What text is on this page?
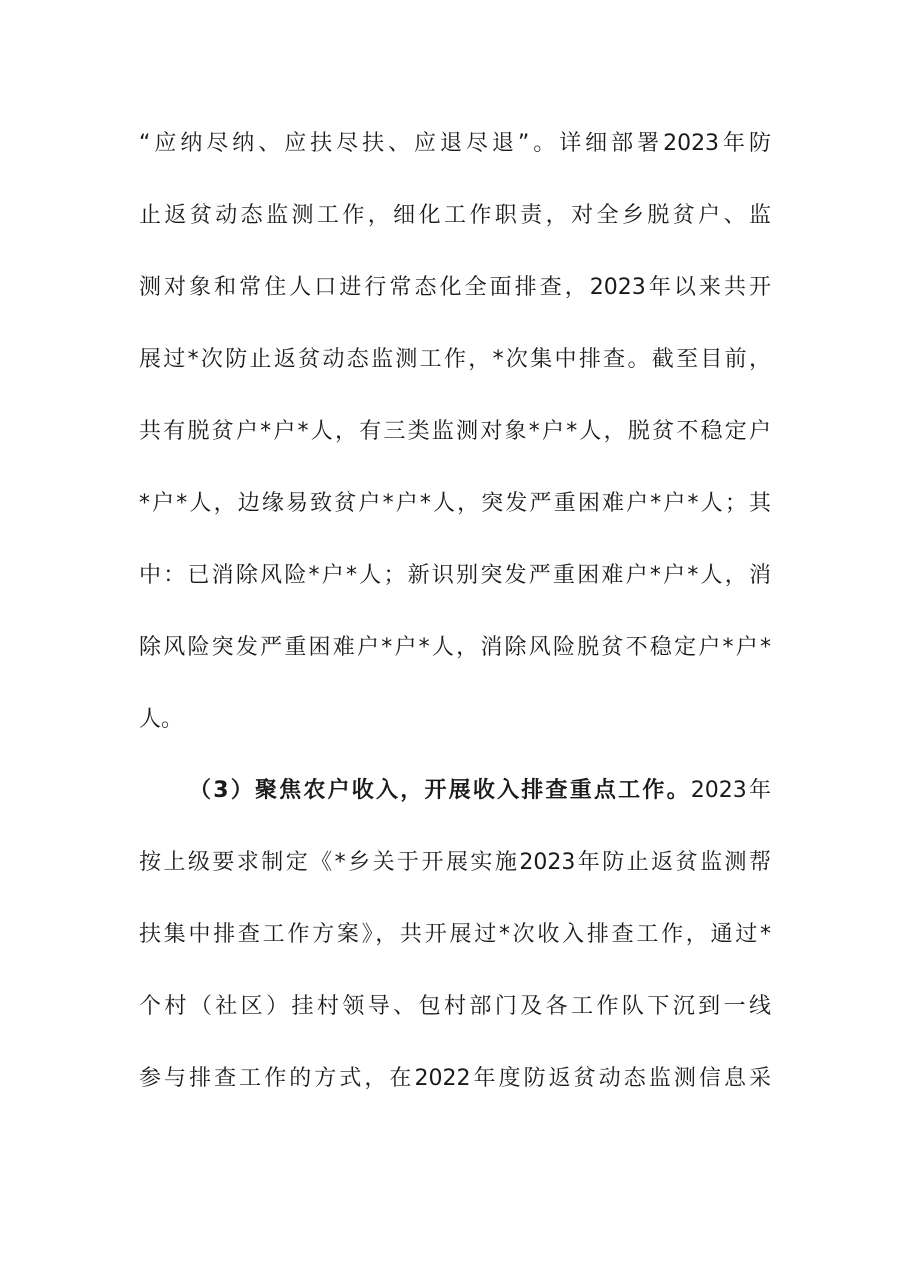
“应纳尽纳、应扶尽扶、应退尽退”。详细部署2023年防
止返贫动态监测工作，细化工作职责，对全乡脱贫户、监
测对象和常住人口进行常态化全面排查，2023年以来共开
展过*次防止返贫动态监测工作，*次集中排查。截至目前，
共有脱贫户*户*人，有三类监测对象*户*人，脱贫不稳定户
*户*人，边缘易致贫户*户*人，突发严重困难户*户*人；其
中：已消除风险*户*人；新识别突发严重困难户*户*人，消
除风险突发严重困难户*户*人，消除风险脱贫不稳定户*户*
人。
（3）聚焦农户收入，开展收入排查重点工作。2023年
按上级要求制定《*乡关于开展实施2023年防止返贫监测帮
扶集中排查工作方案》，共开展过*次收入排查工作，通过*
个村（社区）挂村领导、包村部门及各工作队下沉到一线
参与排查工作的方式，在2022年度防返贫动态监测信息采
